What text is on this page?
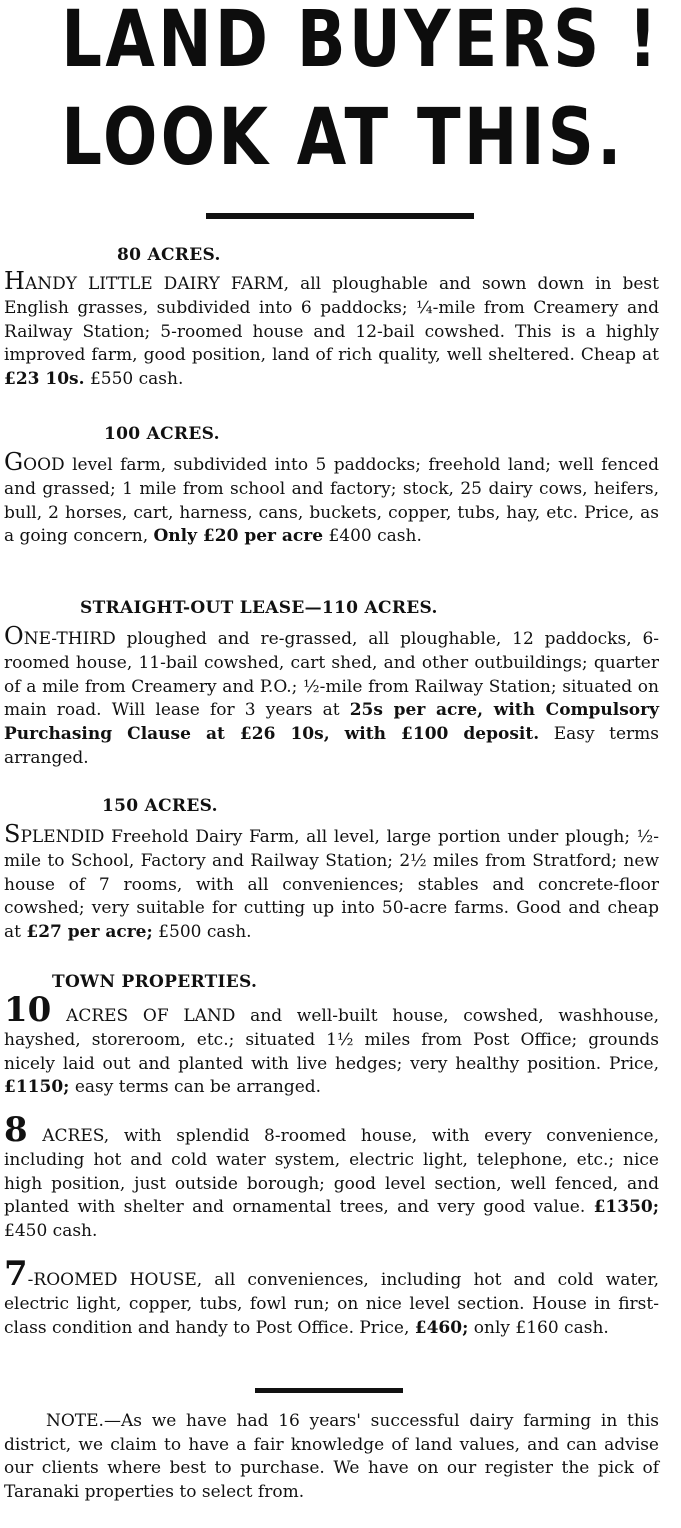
LAND BUYERS !
LOOK AT THIS.
80 ACRES.

HANDY LITTLE DAIRY FARM, all ploughable and sown down in best English grasses, subdivided into 6 paddocks; ¼-mile from Creamery and Railway Station; 5-roomed house and 12-bail cowshed. This is a highly improved farm, good position, land of rich quality, well sheltered. Cheap at £23 10s. £550 cash.

100 ACRES.

GOOD level farm, subdivided into 5 paddocks; freehold land; well fenced and grassed; 1 mile from school and factory; stock, 25 dairy cows, heifers, bull, 2 horses, cart, harness, cans, buckets, copper, tubs, hay, etc. Price, as a going concern, Only £20 per acre £400 cash.

STRAIGHT-OUT LEASE—110 ACRES.

ONE-THIRD ploughed and re-grassed, all ploughable, 12 paddocks, 6-roomed house, 11-bail cowshed, cart shed, and other outbuildings; quarter of a mile from Creamery and P.O.; ½-mile from Railway Station; situated on main road. Will lease for 3 years at 25s per acre, with Compulsory Purchasing Clause at £26 10s, with £100 deposit. Easy terms arranged.

150 ACRES.

SPLENDID Freehold Dairy Farm, all level, large portion under plough; ½-mile to School, Factory and Railway Station; 2½ miles from Stratford; new house of 7 rooms, with all conveniences; stables and concrete-floor cowshed; very suitable for cutting up into 50-acre farms. Good and cheap at £27 per acre; £500 cash.

TOWN PROPERTIES.

10 ACRES OF LAND and well-built house, cowshed, washhouse, hayshed, storeroom, etc.; situated 1½ miles from Post Office; grounds nicely laid out and planted with live hedges; very healthy position. Price, £1150; easy terms can be arranged.

8 ACRES, with splendid 8-roomed house, with every convenience, including hot and cold water system, electric light, telephone, etc.; nice high position, just outside borough; good level section, well fenced, and planted with shelter and ornamental trees, and very good value. £1350; £450 cash.

7-ROOMED HOUSE, all conveniences, including hot and cold water, electric light, copper, tubs, fowl run; on nice level section. House in first-class condition and handy to Post Office. Price, £460; only £160 cash.

NOTE.—As we have had 16 years' successful dairy farming in this district, we claim to have a fair knowledge of land values, and can advise our clients where best to purchase. We have on our register the pick of Taranaki properties to select from.
